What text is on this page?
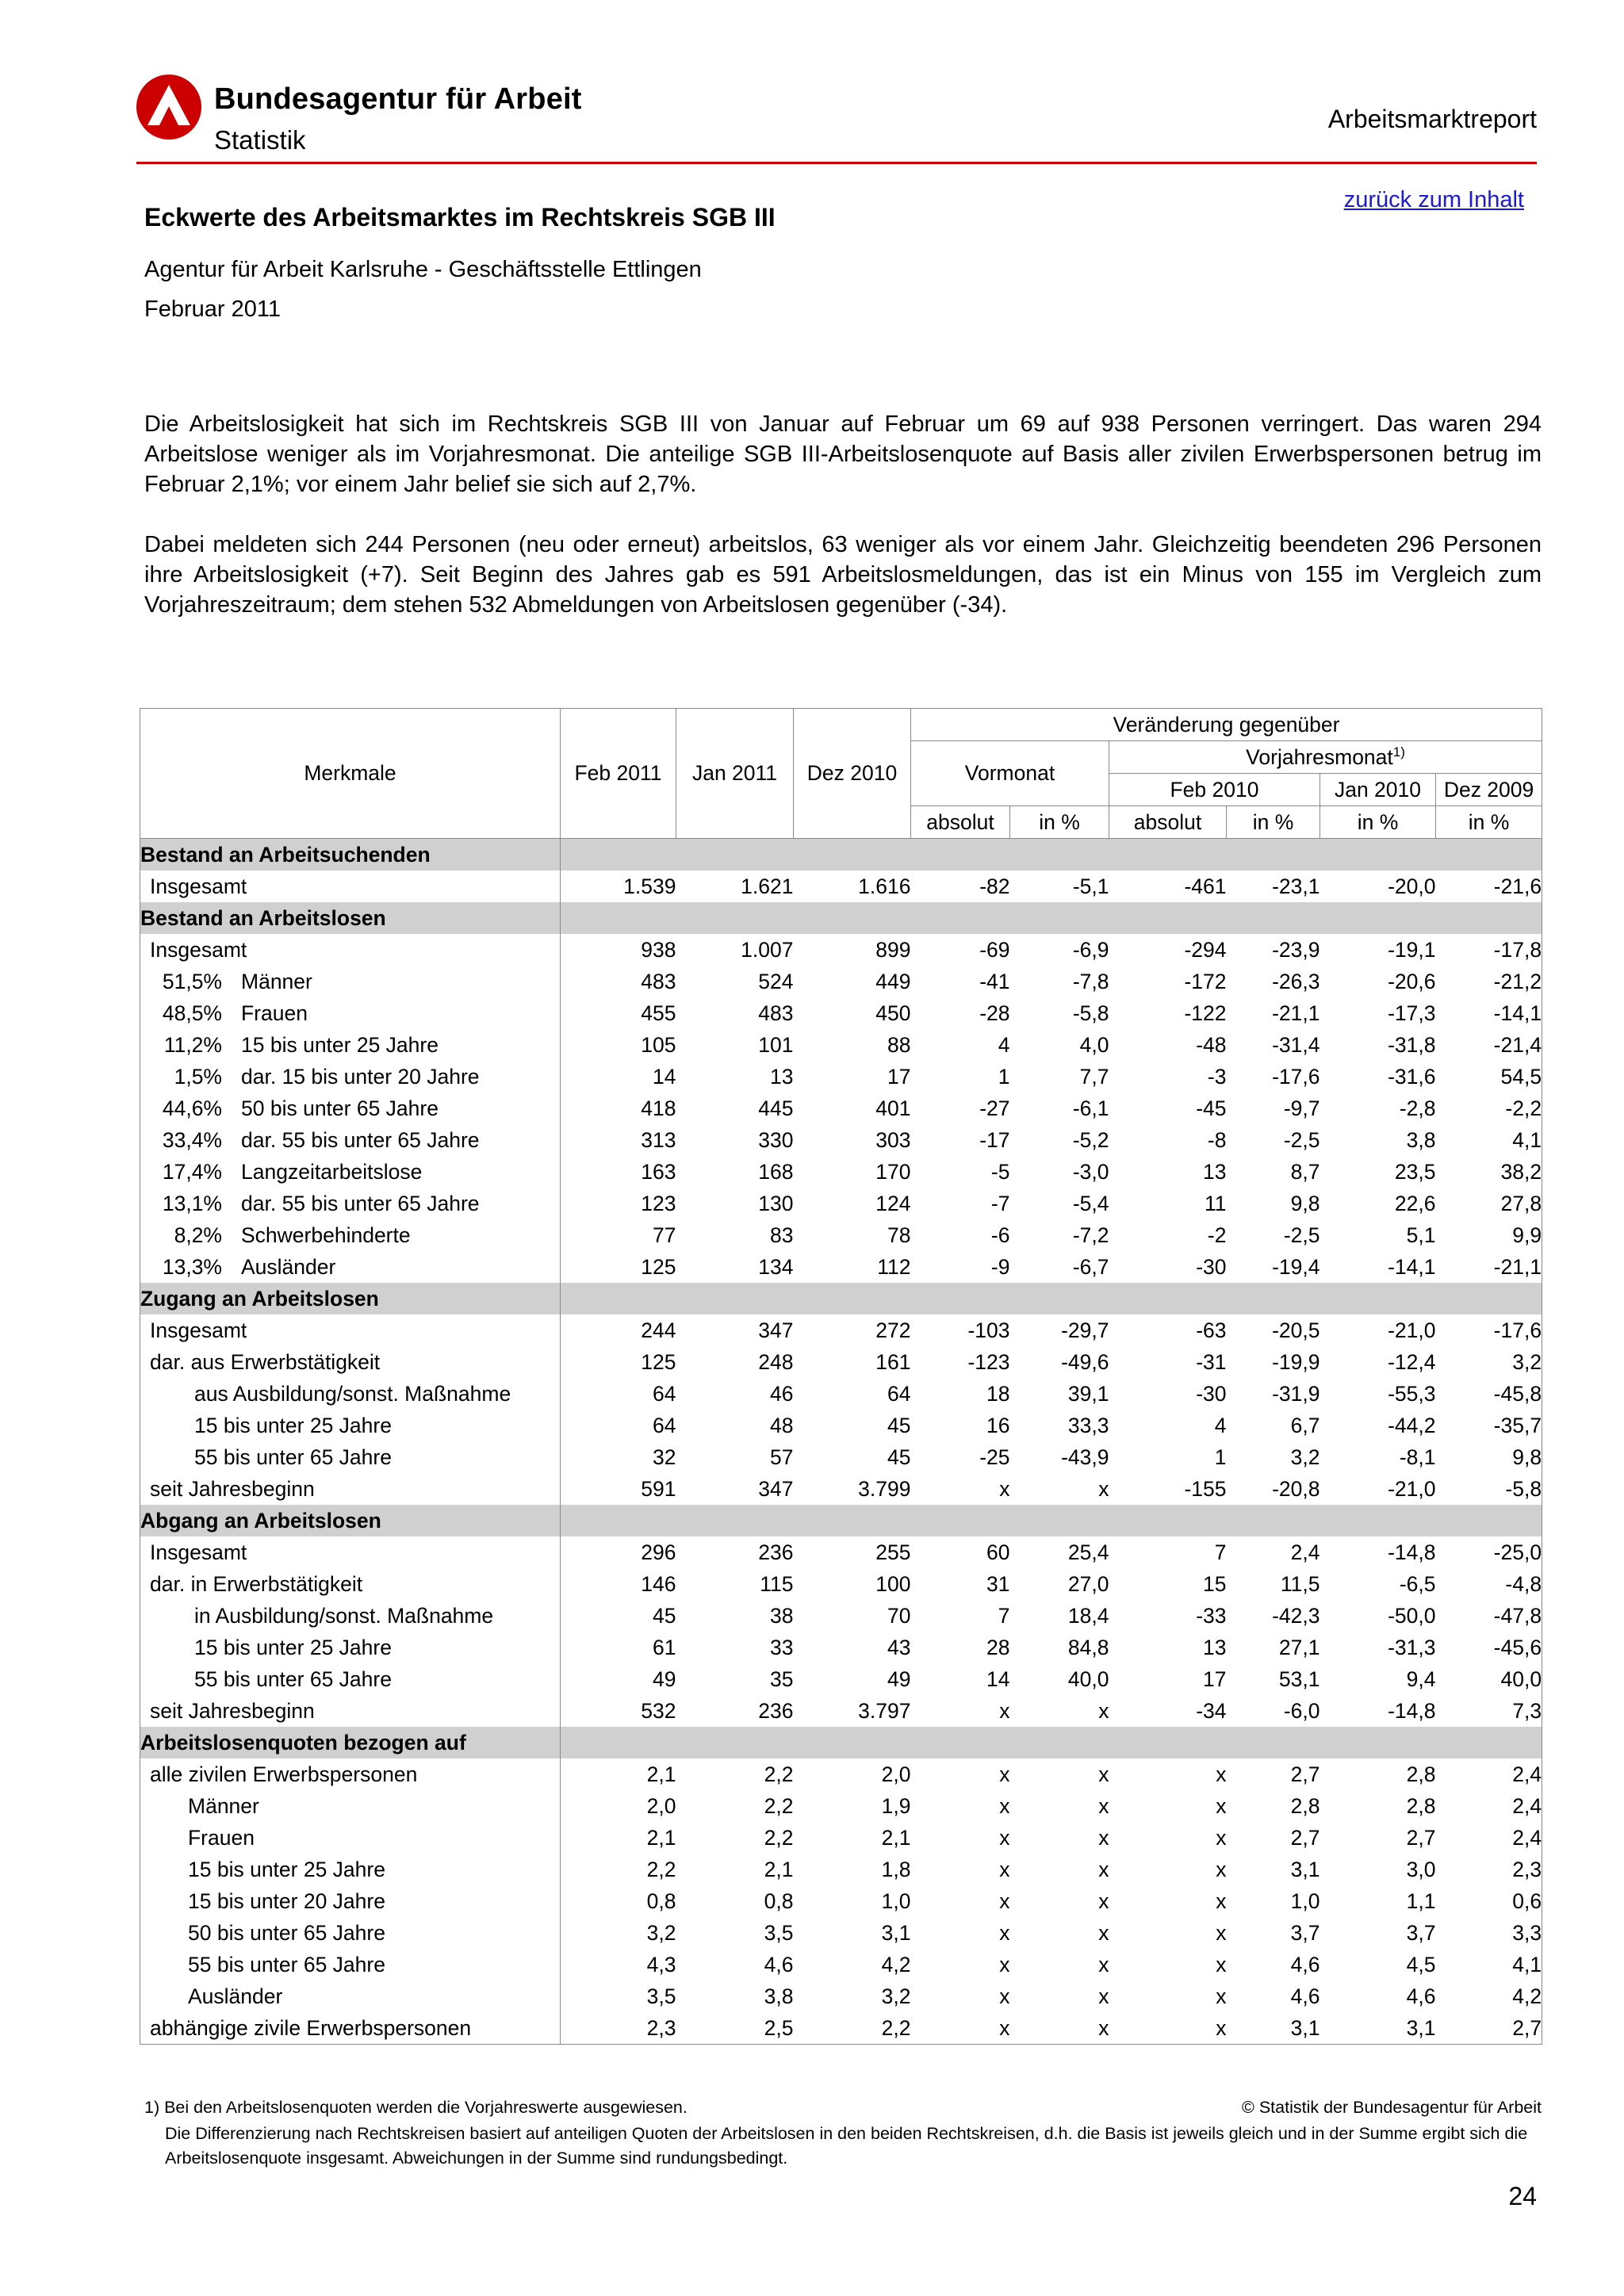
Bundesagentur für Arbeit
Statistik
Arbeitsmarktreport
zurück zum Inhalt
Eckwerte des Arbeitsmarktes im Rechtskreis SGB III
Agentur für Arbeit Karlsruhe - Geschäftsstelle Ettlingen
Februar 2011
Die Arbeitslosigkeit hat sich im Rechtskreis SGB III von Januar auf Februar um 69 auf 938 Personen verringert. Das waren 294 Arbeitslose weniger als im Vorjahresmonat. Die anteilige SGB III-Arbeitslosenquote auf Basis aller zivilen Erwerbspersonen betrug im Februar 2,1%; vor einem Jahr belief sie sich auf 2,7%.
Dabei meldeten sich 244 Personen (neu oder erneut) arbeitslos, 63 weniger als vor einem Jahr. Gleichzeitig beendeten 296 Personen ihre Arbeitslosigkeit (+7). Seit Beginn des Jahres gab es 591 Arbeitslosmeldungen, das ist ein Minus von 155 im Vergleich zum Vorjahreszeitraum; dem stehen 532 Abmeldungen von Arbeitslosen gegenüber (-34).
Merkmale	Feb 2011	Jan 2011	Dez 2010	Veränderung gegenüber					
				Vormonat		Vorjahresmonat$^{1)}$
						Feb 2010		Jan 2010	Dez 2009
				absolut	in %	absolut	in %	in %	in %
Bestand an Arbeitsuchenden									
Insgesamt	1.539	1.621	1.616	-82	-5,1	-461	-23,1	-20,0	-21,6
Bestand an Arbeitslosen									
Insgesamt	938	1.007	899	-69	-6,9	-294	-23,9	-19,1	-17,8
51,5% Männer	483	524	449	-41	-7,8	-172	-26,3	-20,6	-21,2
48,5% Frauen	455	483	450	-28	-5,8	-122	-21,1	-17,3	-14,1
11,2% 15 bis unter 25 Jahre	105	101	88	4	4,0	-48	-31,4	-31,8	-21,4
1,5% dar. 15 bis unter 20 Jahre	14	13	17	1	7,7	-3	-17,6	-31,6	54,5
44,6% 50 bis unter 65 Jahre	418	445	401	-27	-6,1	-45	-9,7	-2,8	-2,2
33,4% dar. 55 bis unter 65 Jahre	313	330	303	-17	-5,2	-8	-2,5	3,8	4,1
17,4% Langzeitarbeitslose	163	168	170	-5	-3,0	13	8,7	23,5	38,2
13,1% dar. 55 bis unter 65 Jahre	123	130	124	-7	-5,4	11	9,8	22,6	27,8
8,2% Schwerbehinderte	77	83	78	-6	-7,2	-2	-2,5	5,1	9,9
13,3% Ausländer	125	134	112	-9	-6,7	-30	-19,4	-14,1	-21,1
Zugang an Arbeitslosen									
Insgesamt	244	347	272	-103	-29,7	-63	-20,5	-21,0	-17,6
dar. aus Erwerbstätigkeit	125	248	161	-123	-49,6	-31	-19,9	-12,4	3,2
aus Ausbildung/sonst. Maßnahme	64	46	64	18	39,1	-30	-31,9	-55,3	-45,8
15 bis unter 25 Jahre	64	48	45	16	33,3	4	6,7	-44,2	-35,7
55 bis unter 65 Jahre	32	57	45	-25	-43,9	1	3,2	-8,1	9,8
seit Jahresbeginn	591	347	3.799	x	x	-155	-20,8	-21,0	-5,8
Abgang an Arbeitslosen									
Insgesamt	296	236	255	60	25,4	7	2,4	-14,8	-25,0
dar. in Erwerbstätigkeit	146	115	100	31	27,0	15	11,5	-6,5	-4,8
in Ausbildung/sonst. Maßnahme	45	38	70	7	18,4	-33	-42,3	-50,0	-47,8
15 bis unter 25 Jahre	61	33	43	28	84,8	13	27,1	-31,3	-45,6
55 bis unter 65 Jahre	49	35	49	14	40,0	17	53,1	9,4	40,0
seit Jahresbeginn	532	236	3.797	x	x	-34	-6,0	-14,8	7,3
Arbeitslosenquoten bezogen auf									
alle zivilen Erwerbspersonen	2,1	2,2	2,0	x	x	x	2,7	2,8	2,4
Männer	2,0	2,2	1,9	x	x	x	2,8	2,8	2,4
Frauen	2,1	2,2	2,1	x	x	x	2,7	2,7	2,4
15 bis unter 25 Jahre	2,2	2,1	1,8	x	x	x	3,1	3,0	2,3
15 bis unter 20 Jahre	0,8	0,8	1,0	x	x	x	1,0	1,1	0,6
50 bis unter 65 Jahre	3,2	3,5	3,1	x	x	x	3,7	3,7	3,3
55 bis unter 65 Jahre	4,3	4,6	4,2	x	x	x	4,6	4,5	4,1
Ausländer	3,5	3,8	3,2	x	x	x	4,6	4,6	4,2
abhängige zivile Erwerbspersonen	2,3	2,5	2,2	x	x	x	3,1	3,1	2,7
1) Bei den Arbeitslosenquoten werden die Vorjahreswerte ausgewiesen.	© Statistik der Bundesagentur für Arbeit
Die Differenzierung nach Rechtskreisen basiert auf anteiligen Quoten der Arbeitslosen in den beiden Rechtskreisen, d.h. die Basis ist jeweils gleich und in der Summe ergibt sich die Arbeitslosenquote insgesamt. Abweichungen in der Summe sind rundungsbedingt.
24
